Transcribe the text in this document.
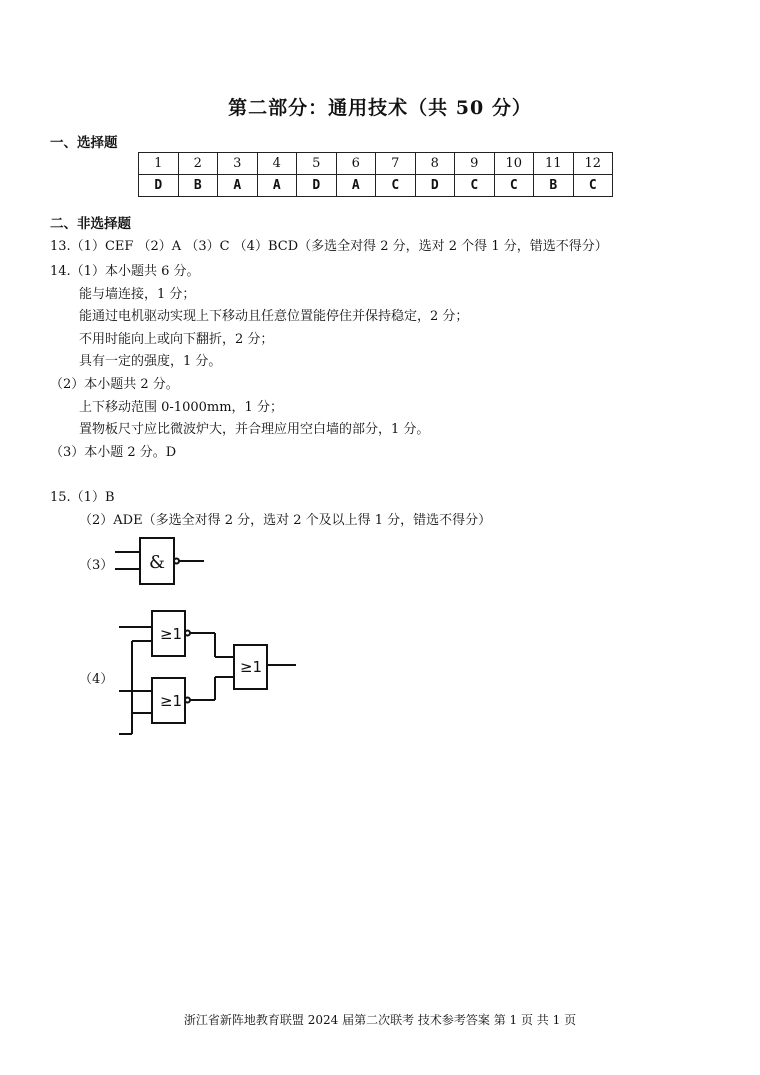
第二部分：通用技术（共 50 分）
一、选择题
1	2	3	4	5	6	7	8	9	10	11	12
D	B	A	A	D	A	C	D	C	C	B	C
二、非选择题
13.（1）CEF （2）A （3）C （4）BCD（多选全对得 2 分，选对 2 个得 1 分，错选不得分）
14.（1）本小题共 6 分。
能与墙连接，1 分；
能通过电机驱动实现上下移动且任意位置能停住并保持稳定，2 分；
不用时能向上或向下翻折，2 分；
具有一定的强度，1 分。
（2）本小题共 2 分。
上下移动范围 0-1000mm，1 分；
置物板尺寸应比微波炉大，并合理应用空白墙的部分，1 分。
（3）本小题 2 分。D
15.（1）B
（2）ADE（多选全对得 2 分，选对 2 个及以上得 1 分，错选不得分）
（3）
（4）
&
≥1
≥1
≥1
浙江省新阵地教育联盟 2024 届第二次联考 技术参考答案 第 1 页 共 1 页
